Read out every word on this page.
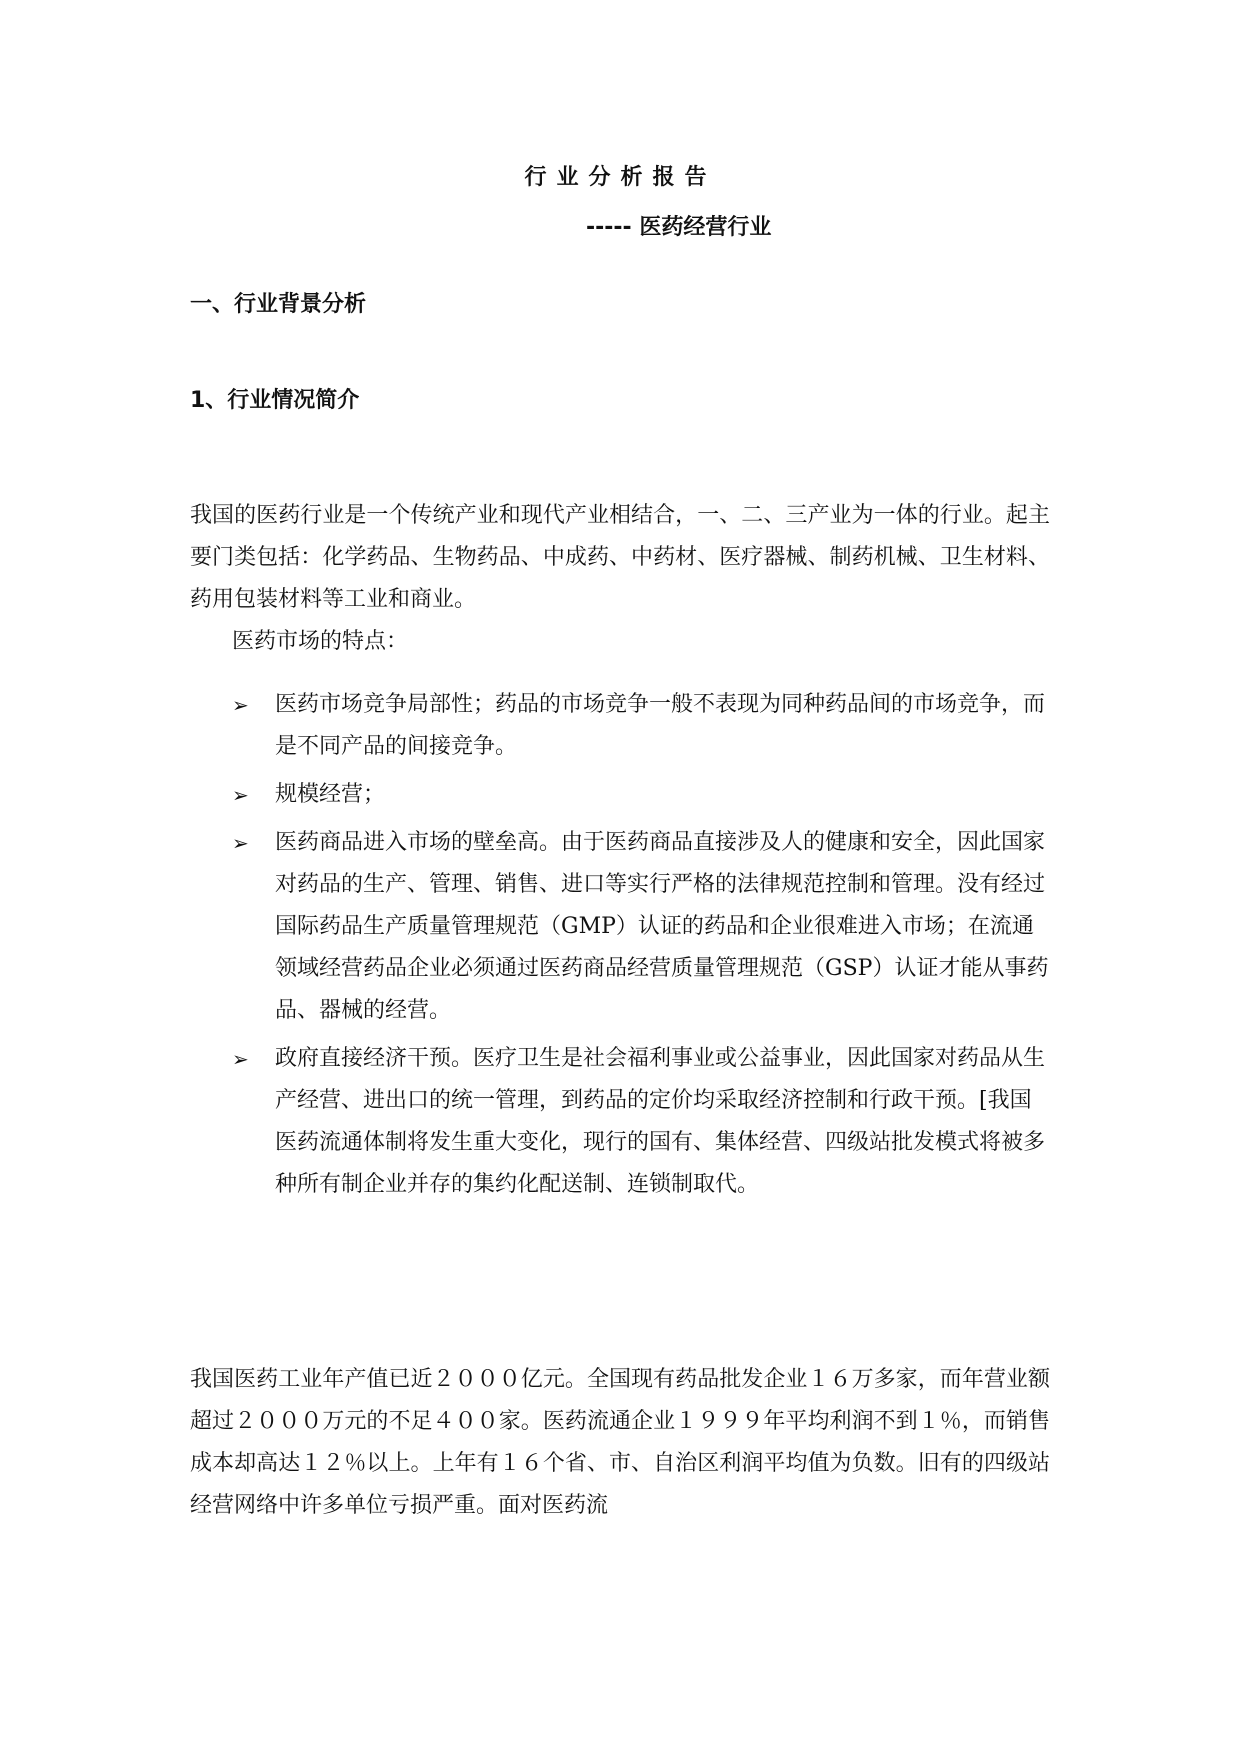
行业分析报告
----- 医药经营行业
一、行业背景分析
1、行业情况简介
我国的医药行业是一个传统产业和现代产业相结合，一、二、三产业为一体的行业。起主要门类包括：化学药品、生物药品、中成药、中药材、医疗器械、制药机械、卫生材料、药用包装材料等工业和商业。
医药市场的特点：
➢ 医药市场竞争局部性；药品的市场竞争一般不表现为同种药品间的市场竞争，而是不同产品的间接竞争。
➢ 规模经营；
➢ 医药商品进入市场的壁垒高。由于医药商品直接涉及人的健康和安全，因此国家对药品的生产、管理、销售、进口等实行严格的法律规范控制和管理。没有经过国际药品生产质量管理规范（GMP）认证的药品和企业很难进入市场；在流通领域经营药品企业必须通过医药商品经营质量管理规范（GSP）认证才能从事药品、器械的经营。
➢ 政府直接经济干预。医疗卫生是社会福利事业或公益事业，因此国家对药品从生产经营、进出口的统一管理，到药品的定价均采取经济控制和行政干预。[我国医药流通体制将发生重大变化，现行的国有、集体经营、四级站批发模式将被多种所有制企业并存的集约化配送制、连锁制取代。
我国医药工业年产值已近２０００亿元。全国现有药品批发企业１６万多家，而年营业额超过２０００万元的不足４００家。医药流通企业１９９９年平均利润不到１％，而销售成本却高达１２％以上。上年有１６个省、市、自治区利润平均值为负数。旧有的四级站经营网络中许多单位亏损严重。面对医药流
